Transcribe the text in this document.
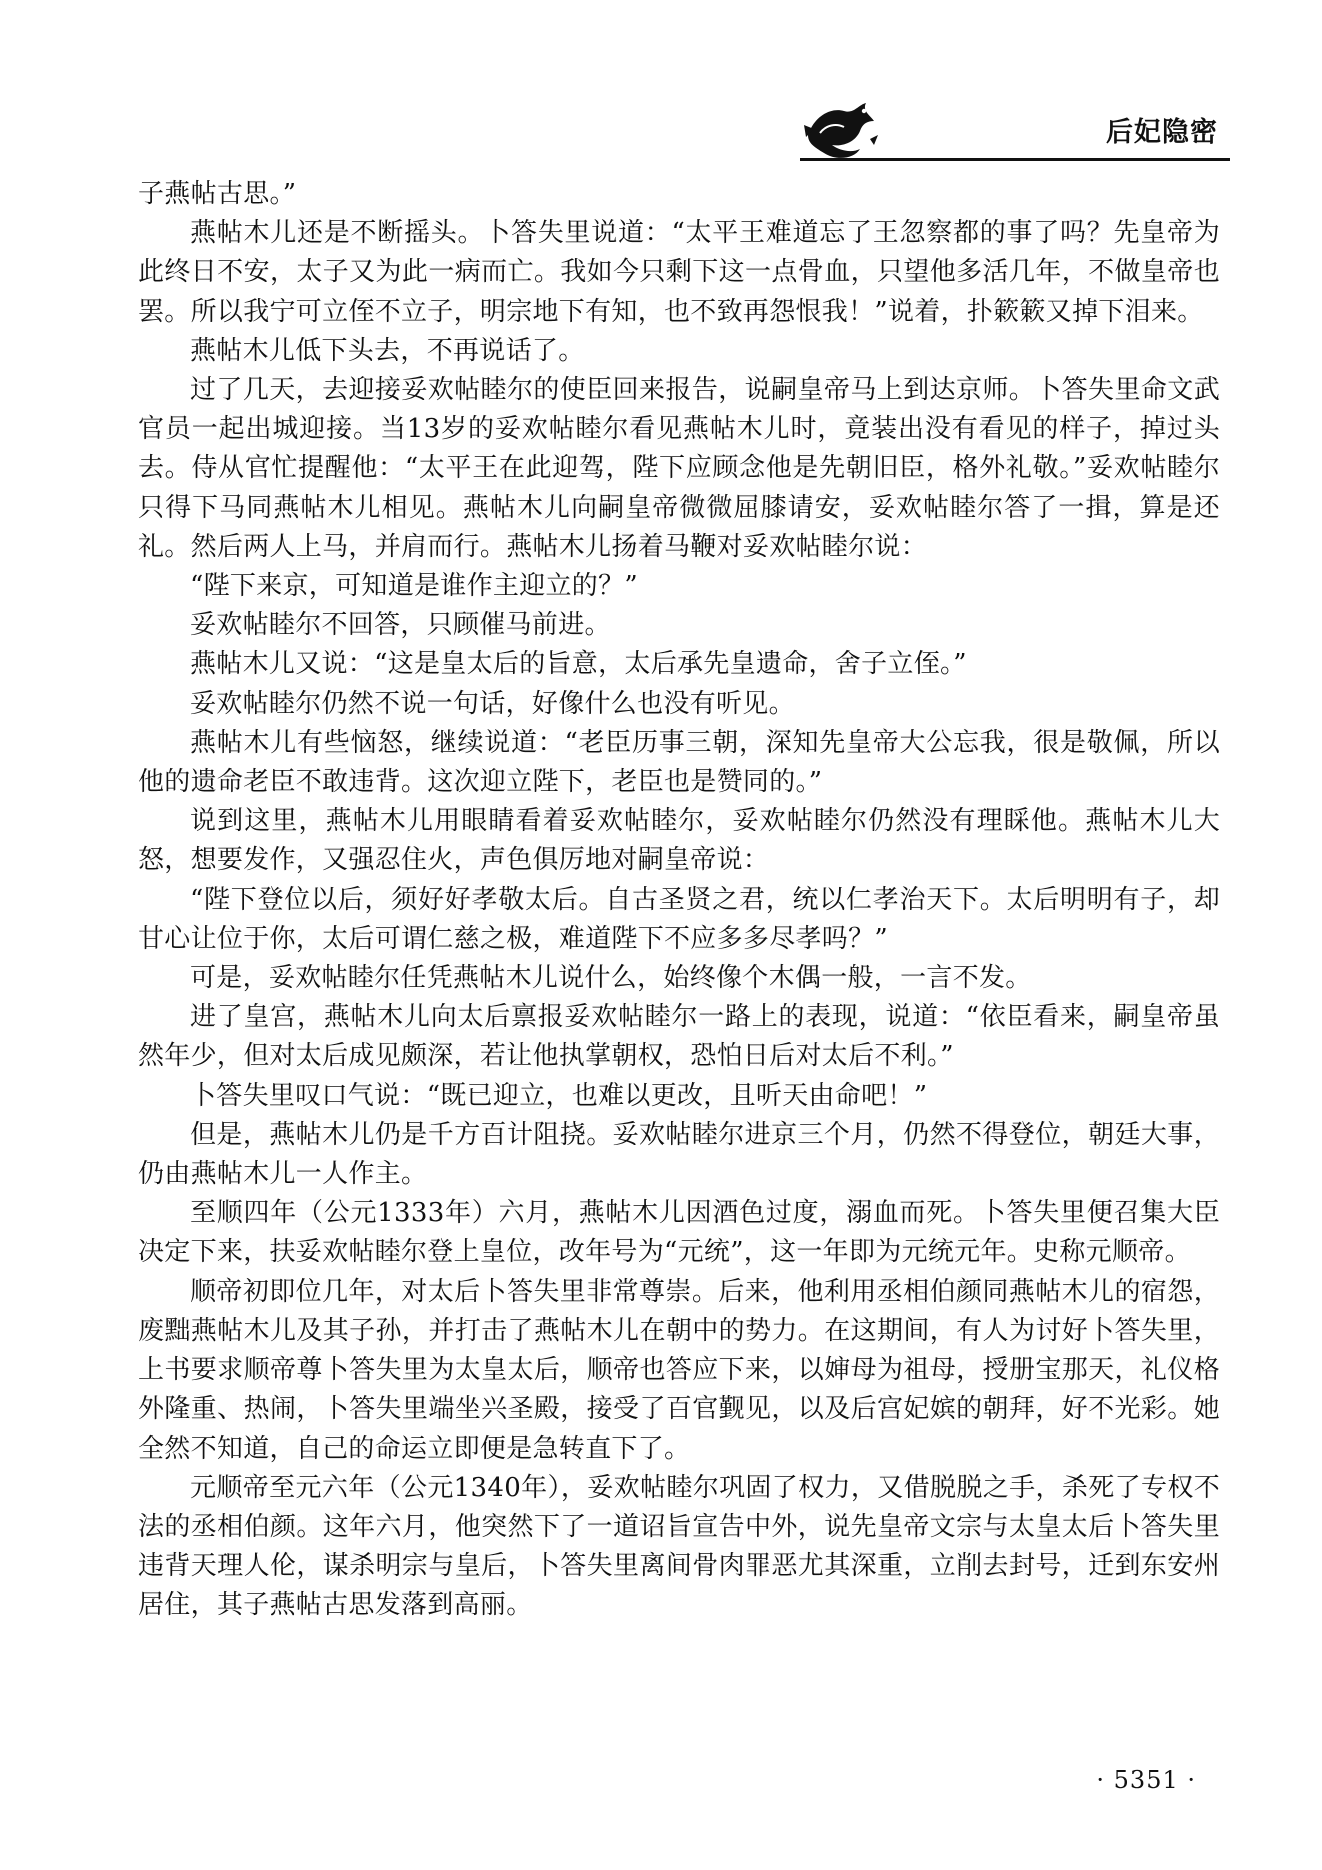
后妃隐密

子燕帖古思。”

燕帖木儿还是不断摇头。卜答失里说道：“太平王难道忘了王忽察都的事了吗？先皇帝为此终日不安，太子又为此一病而亡。我如今只剩下这一点骨血，只望他多活几年，不做皇帝也罢。所以我宁可立侄不立子，明宗地下有知，也不致再怨恨我！”说着，扑簌簌又掉下泪来。

燕帖木儿低下头去，不再说话了。

过了几天，去迎接妥欢帖睦尔的使臣回来报告，说嗣皇帝马上到达京师。卜答失里命文武官员一起出城迎接。当13岁的妥欢帖睦尔看见燕帖木儿时，竟装出没有看见的样子，掉过头去。侍从官忙提醒他：“太平王在此迎驾，陛下应顾念他是先朝旧臣，格外礼敬。”妥欢帖睦尔只得下马同燕帖木儿相见。燕帖木儿向嗣皇帝微微屈膝请安，妥欢帖睦尔答了一揖，算是还礼。然后两人上马，并肩而行。燕帖木儿扬着马鞭对妥欢帖睦尔说：

“陛下来京，可知道是谁作主迎立的？”

妥欢帖睦尔不回答，只顾催马前进。

燕帖木儿又说：“这是皇太后的旨意，太后承先皇遗命，舍子立侄。”

妥欢帖睦尔仍然不说一句话，好像什么也没有听见。

燕帖木儿有些恼怒，继续说道：“老臣历事三朝，深知先皇帝大公忘我，很是敬佩，所以他的遗命老臣不敢违背。这次迎立陛下，老臣也是赞同的。”

说到这里，燕帖木儿用眼睛看着妥欢帖睦尔，妥欢帖睦尔仍然没有理睬他。燕帖木儿大怒，想要发作，又强忍住火，声色俱厉地对嗣皇帝说：

“陛下登位以后，须好好孝敬太后。自古圣贤之君，统以仁孝治天下。太后明明有子，却甘心让位于你，太后可谓仁慈之极，难道陛下不应多多尽孝吗？”

可是，妥欢帖睦尔任凭燕帖木儿说什么，始终像个木偶一般，一言不发。

进了皇宫，燕帖木儿向太后禀报妥欢帖睦尔一路上的表现，说道：“依臣看来，嗣皇帝虽然年少，但对太后成见颇深，若让他执掌朝权，恐怕日后对太后不利。”

卜答失里叹口气说：“既已迎立，也难以更改，且听天由命吧！”

但是，燕帖木儿仍是千方百计阻挠。妥欢帖睦尔进京三个月，仍然不得登位，朝廷大事，仍由燕帖木儿一人作主。

至顺四年（公元1333年）六月，燕帖木儿因酒色过度，溺血而死。卜答失里便召集大臣决定下来，扶妥欢帖睦尔登上皇位，改年号为“元统”，这一年即为元统元年。史称元顺帝。

顺帝初即位几年，对太后卜答失里非常尊崇。后来，他利用丞相伯颜同燕帖木儿的宿怨，废黜燕帖木儿及其子孙，并打击了燕帖木儿在朝中的势力。在这期间，有人为讨好卜答失里，上书要求顺帝尊卜答失里为太皇太后，顺帝也答应下来，以婶母为祖母，授册宝那天，礼仪格外隆重、热闹，卜答失里端坐兴圣殿，接受了百官觐见，以及后宫妃嫔的朝拜，好不光彩。她全然不知道，自己的命运立即便是急转直下了。

元顺帝至元六年（公元1340年），妥欢帖睦尔巩固了权力，又借脱脱之手，杀死了专权不法的丞相伯颜。这年六月，他突然下了一道诏旨宣告中外，说先皇帝文宗与太皇太后卜答失里违背天理人伦，谋杀明宗与皇后，卜答失里离间骨肉罪恶尤其深重，立削去封号，迁到东安州居住，其子燕帖古思发落到高丽。

· 5351 ·
